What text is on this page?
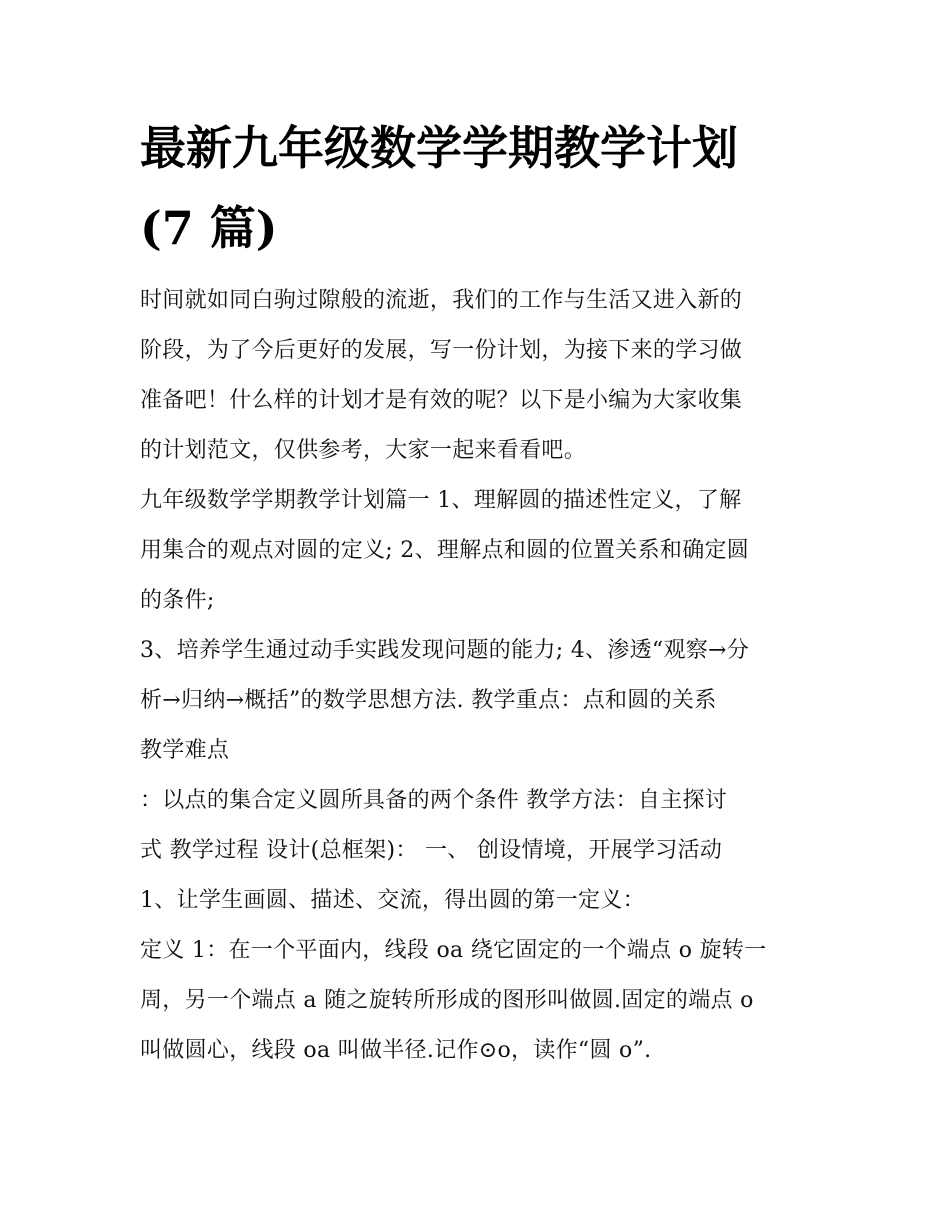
最新九年级数学学期教学计划
(7 篇)

时间就如同白驹过隙般的流逝，我们的工作与生活又进入新的

阶段，为了今后更好的发展，写一份计划，为接下来的学习做

准备吧！什么样的计划才是有效的呢？以下是小编为大家收集

的计划范文，仅供参考，大家一起来看看吧。

九年级数学学期教学计划篇一 1、理解圆的描述性定义，了解

用集合的观点对圆的定义; 2、理解点和圆的位置关系和确定圆

的条件;

3、培养学生通过动手实践发现问题的能力; 4、渗透“观察→分

析→归纳→概括”的数学思想方法. 教学重点：点和圆的关系

教学难点

：以点的集合定义圆所具备的两个条件 教学方法：自主探讨

式 教学过程 设计(总框架)： 一、 创设情境，开展学习活动

1、让学生画圆、描述、交流，得出圆的第一定义：

定义 1：在一个平面内，线段 oa 绕它固定的一个端点 o 旋转一

周，另一个端点 a 随之旋转所形成的图形叫做圆.固定的端点 o

叫做圆心，线段 oa 叫做半径.记作⊙o，读作“圆 o”.
